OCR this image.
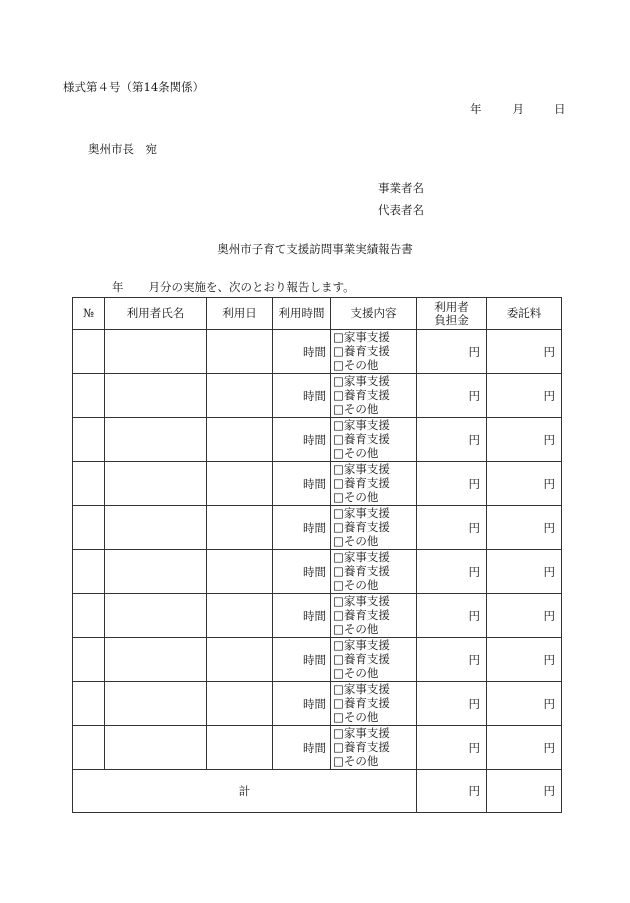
様式第４号（第14条関係）
年	月	日
奥州市長　宛
事業者名
代表者名
奥州市子育て支援訪問事業実績報告書
年 月分の実施を、次のとおり報告します。
№	利用者氏名	利用日	利用時間	支援内容	利用者
負担金	委託料
			時間	□家事支援
□養育支援
□その他	円	円
			時間	□家事支援
□養育支援
□その他	円	円
			時間	□家事支援
□養育支援
□その他	円	円
			時間	□家事支援
□養育支援
□その他	円	円
			時間	□家事支援
□養育支援
□その他	円	円
			時間	□家事支援
□養育支援
□その他	円	円
			時間	□家事支援
□養育支援
□その他	円	円
			時間	□家事支援
□養育支援
□その他	円	円
			時間	□家事支援
□養育支援
□その他	円	円
			時間	□家事支援
□養育支援
□その他	円	円
計					円	円
